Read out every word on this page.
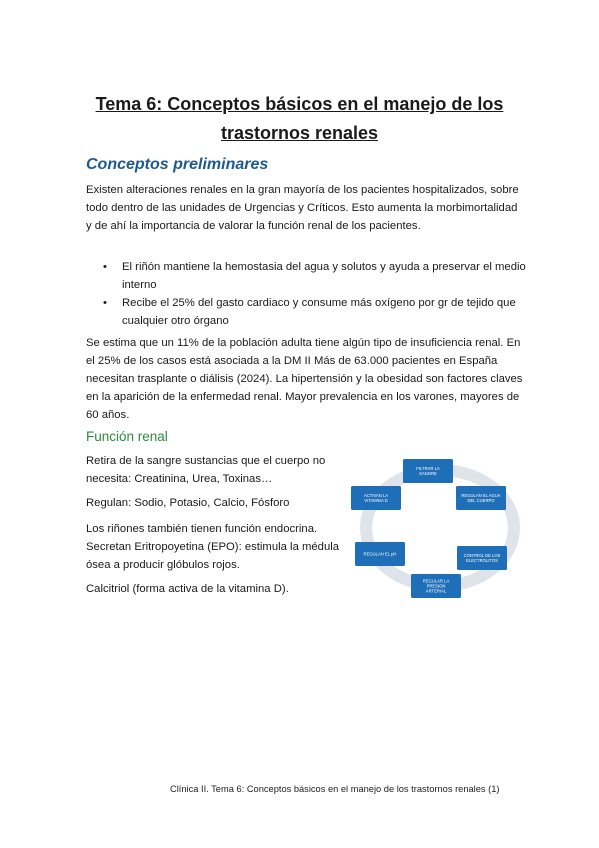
Tema 6: Conceptos básicos en el manejo de los trastornos renales
Conceptos preliminares

Existen alteraciones renales en la gran mayoría de los pacientes hospitalizados, sobre todo dentro de las unidades de Urgencias y Críticos. Esto aumenta la morbimortalidad y de ahí la importancia de valorar la función renal de los pacientes.

• El riñón mantiene la hemostasia del agua y solutos y ayuda a preservar el medio interno
• Recibe el 25% del gasto cardiaco y consume más oxígeno por gr de tejido que cualquier otro órgano

Se estima que un 11% de la población adulta tiene algún tipo de insuficiencia renal. En el 25% de los casos está asociada a la DM II Más de 63.000 pacientes en España necesitan trasplante o diálisis (2024). La hipertensión y la obesidad son factores claves en la aparición de la enfermedad renal. Mayor prevalencia en los varones, mayores de 60 años.

Función renal

Retira de la sangre sustancias que el cuerpo no necesita: Creatinina, Urea, Toxinas…

Regulan: Sodio, Potasio, Calcio, Fósforo

Los riñones también tienen función endocrina. Secretan Eritropoyetina (EPO): estimula la médula ósea a producir glóbulos rojos.

Calcitriol (forma activa de la vitamina D).

FILTRAR LA
SANGRE
REGULAN EL AGUA
DEL CUERPO
CONTROL DE LOS
ELECTROLITOS
REGULAR LA
PRESION
ARTERIAL
REGULAN EL pH
ACTIVAN LA
VITAMINA D
Clínica II. Tema 6: Conceptos básicos en el manejo de los trastornos renales (1)
